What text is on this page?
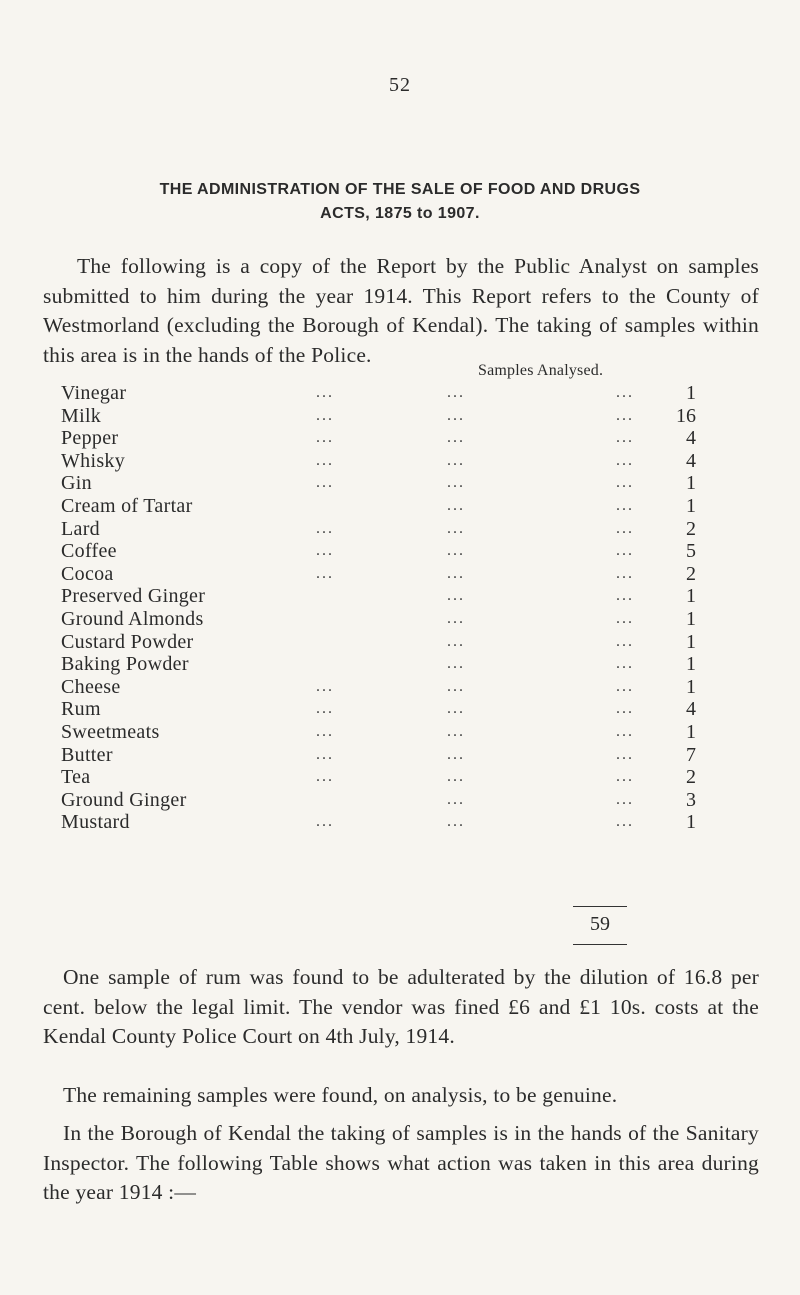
52
THE ADMINISTRATION OF THE SALE OF FOOD AND DRUGS
ACTS, 1875 to 1907.

The following is a copy of the Report by the Public Analyst on samples submitted to him during the year 1914. This Report refers to the County of Westmorland (excluding the Borough of Kendal). The taking of samples within this area is in the hands of the Police.

Samples Analysed.
Vinegar	...	...	...	1
Milk	...	...	...	16
Pepper	...	...	...	4
Whisky	...	...	...	4
Gin	...	...	...	1
Cream of Tartar	...	...	1
Lard	...	...	...	2
Coffee	...	...	...	5
Cocoa	...	...	...	2
Preserved Ginger	...	...	1
Ground Almonds	...	...	1
Custard Powder	...	...	1
Baking Powder	...	...	1
Cheese	...	...	...	1
Rum	...	...	...	4
Sweetmeats	...	...	...	1
Butter	...	...	...	7
Tea	...	...	...	2
Ground Ginger	...	...	3
Mustard	...	...	...	1
59

One sample of rum was found to be adulterated by the dilution of 16.8 per cent. below the legal limit. The vendor was fined £6 and £1 10s. costs at the Kendal County Police Court on 4th July, 1914.

The remaining samples were found, on analysis, to be genuine.

In the Borough of Kendal the taking of samples is in the hands of the Sanitary Inspector. The following Table shows what action was taken in this area during the year 1914 :—
